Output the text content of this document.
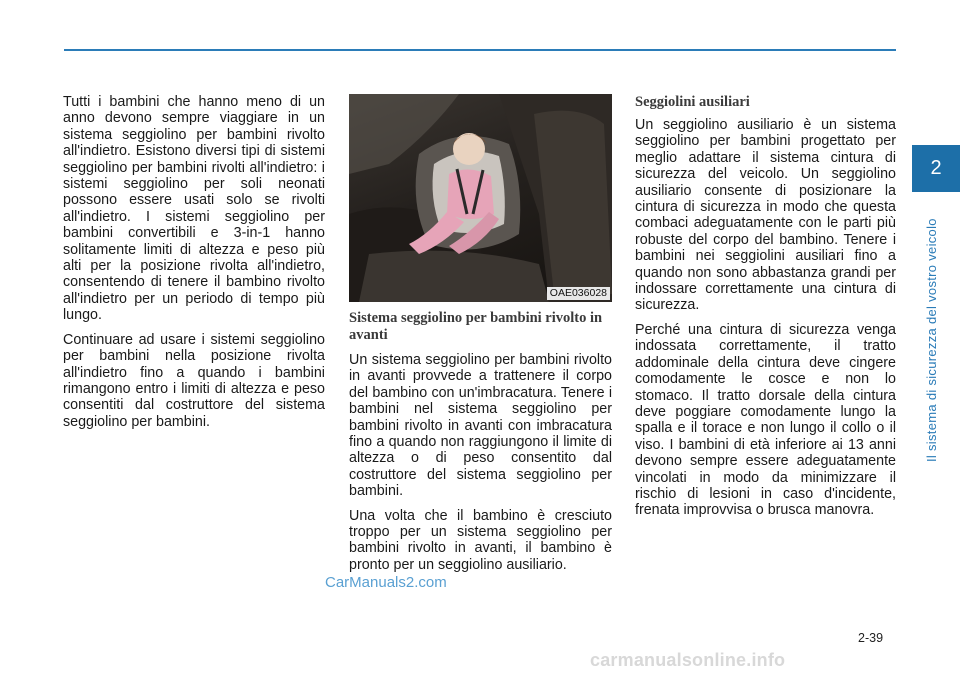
Tutti i bambini che hanno meno di un anno devono sempre viaggiare in un sistema seggiolino per bambini rivolto all'indietro. Esistono diversi tipi di sistemi seggiolino per bambini rivolti all'indietro: i sistemi seggiolino per soli neonati possono essere usati solo se rivolti all'indietro. I sistemi seggiolino per bambini convertibili e 3-in-1 hanno solitamente limiti di altezza e peso più alti per la posizione rivolta all'indietro, consentendo di tenere il bambino rivolto all'indietro per un periodo di tempo più lungo.

Continuare ad usare i sistemi seggiolino per bambini nella posizione rivolta all'indietro fino a quando i bambini rimangono entro i limiti di altezza e peso consentiti dal costruttore del sistema seggiolino per bambini.

OAE036028
Sistema seggiolino per bambini rivolto in avanti

Un sistema seggiolino per bambini rivolto in avanti provvede a trattenere il corpo del bambino con un'imbracatura. Tenere i bambini nel sistema seggiolino per bambini rivolto in avanti con imbracatura fino a quando non raggiungono il limite di altezza o di peso consentito dal costruttore del sistema seggiolino per bambini.

Una volta che il bambino è cresciuto troppo per un sistema seggiolino per bambini rivolto in avanti, il bambino è pronto per un seggiolino ausiliario.

Seggiolini ausiliari

Un seggiolino ausiliario è un sistema seggiolino per bambini progettato per meglio adattare il sistema cintura di sicurezza del veicolo. Un seggiolino ausiliario consente di posizionare la cintura di sicurezza in modo che questa combaci adeguatamente con le parti più robuste del corpo del bambino. Tenere i bambini nei seggiolini ausiliari fino a quando non sono abbastanza grandi per indossare correttamente una cintura di sicurezza.

Perché una cintura di sicurezza venga indossata correttamente, il tratto addominale della cintura deve cingere comodamente le cosce e non lo stomaco. Il tratto dorsale della cintura deve poggiare comodamente lungo la spalla e il torace e non lungo il collo o il viso. I bambini di età inferiore ai 13 anni devono sempre essere adeguatamente vincolati in modo da minimizzare il rischio di lesioni in caso d'incidente, frenata improvvisa o brusca manovra.

2
Il sistema di sicurezza del vostro veicolo
CarManuals2.com
2-39
carmanualsonline.info
